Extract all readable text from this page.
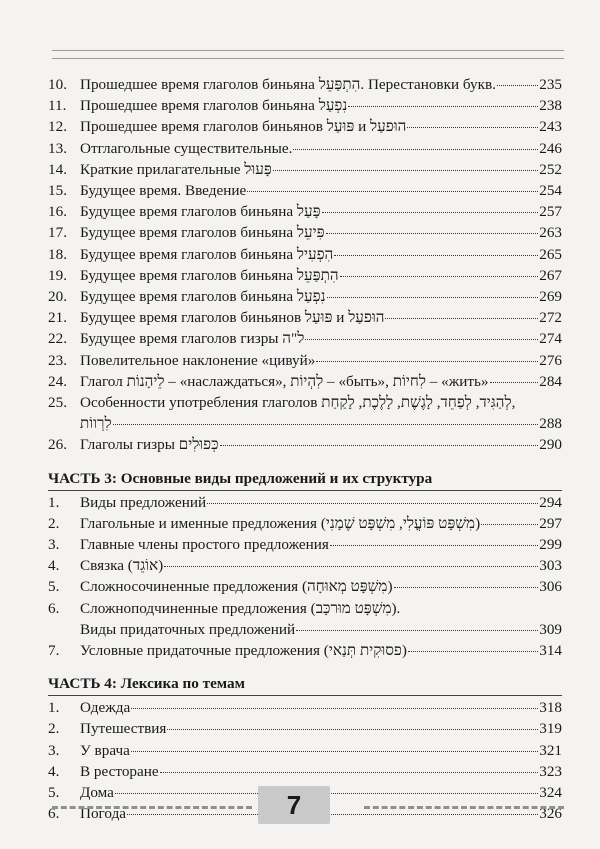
10. Прошедшее время глаголов биньяна הִתְפַּעֵל. Перестановки букв.	235
11. Прошедшее время глаголов биньяна נִפְעַל	238
12. Прошедшее время глаголов биньянов פּוּעַל и הוּפעַל	243
13. Отглагольные существительные.	246
14. Краткие прилагательные פָּעוּל	252
15. Будущее время. Введение	254
16. Будущее время глаголов биньяна פָּעַל	257
17. Будущее время глаголов биньяна פִּיעֵל	263
18. Будущее время глаголов биньяна הִפְעִיל	265
19. Будущее время глаголов биньяна הִתְפַּעֵל	267
20. Будущее время глаголов биньяна נִפְעַל	269
21. Будущее время глаголов биньянов פּוּעַל и הוּפעַל	272
22. Будущее время глаголов гизры ל"ה	274
23. Повелительное наклонение «цивуй»	276
24. Глагол לֵיהָנוֹת – «наслаждаться», לִהְיוֹת – «быть», לִחיוֹת – «жить»	284
25. Особенности употребления глаголов לְהַגִּיד, לְפַחֵד, לָגֶשֶׁת, לָלֶכֶת, לָקַחַת,
לִרְווֹת	288
26. Глаголы гизры כְּפוּלִים	290
ЧАСТЬ 3: Основные виды предложений и их структура
1.	Виды предложений	294
2.	Глагольные и именные предложения (מִשְׁפָּט פּוֹעֳלִי, מִשְׁפָּט שֶׁמָנִי)	297
3.	Главные члены простого предложения	299
4.	Связка (אוֹגֵד)	303
5.	Сложносочиненные предложения (מִשְׁפָּט מְאוּחָה)	306
6.	Сложноподчиненные предложения (מִשְׁפָּט מוּרכָּב).
Виды придаточных предложений	309
7.	Условные придаточные предложения (פסוּקִית תְּנַאי)	314
ЧАСТЬ 4: Лексика по темам
1.	Одежда	318
2.	Путешествия	319
3.	У врача	321
4.	В ресторане	323
5.	Дома	324
6.	Погода	326
7
